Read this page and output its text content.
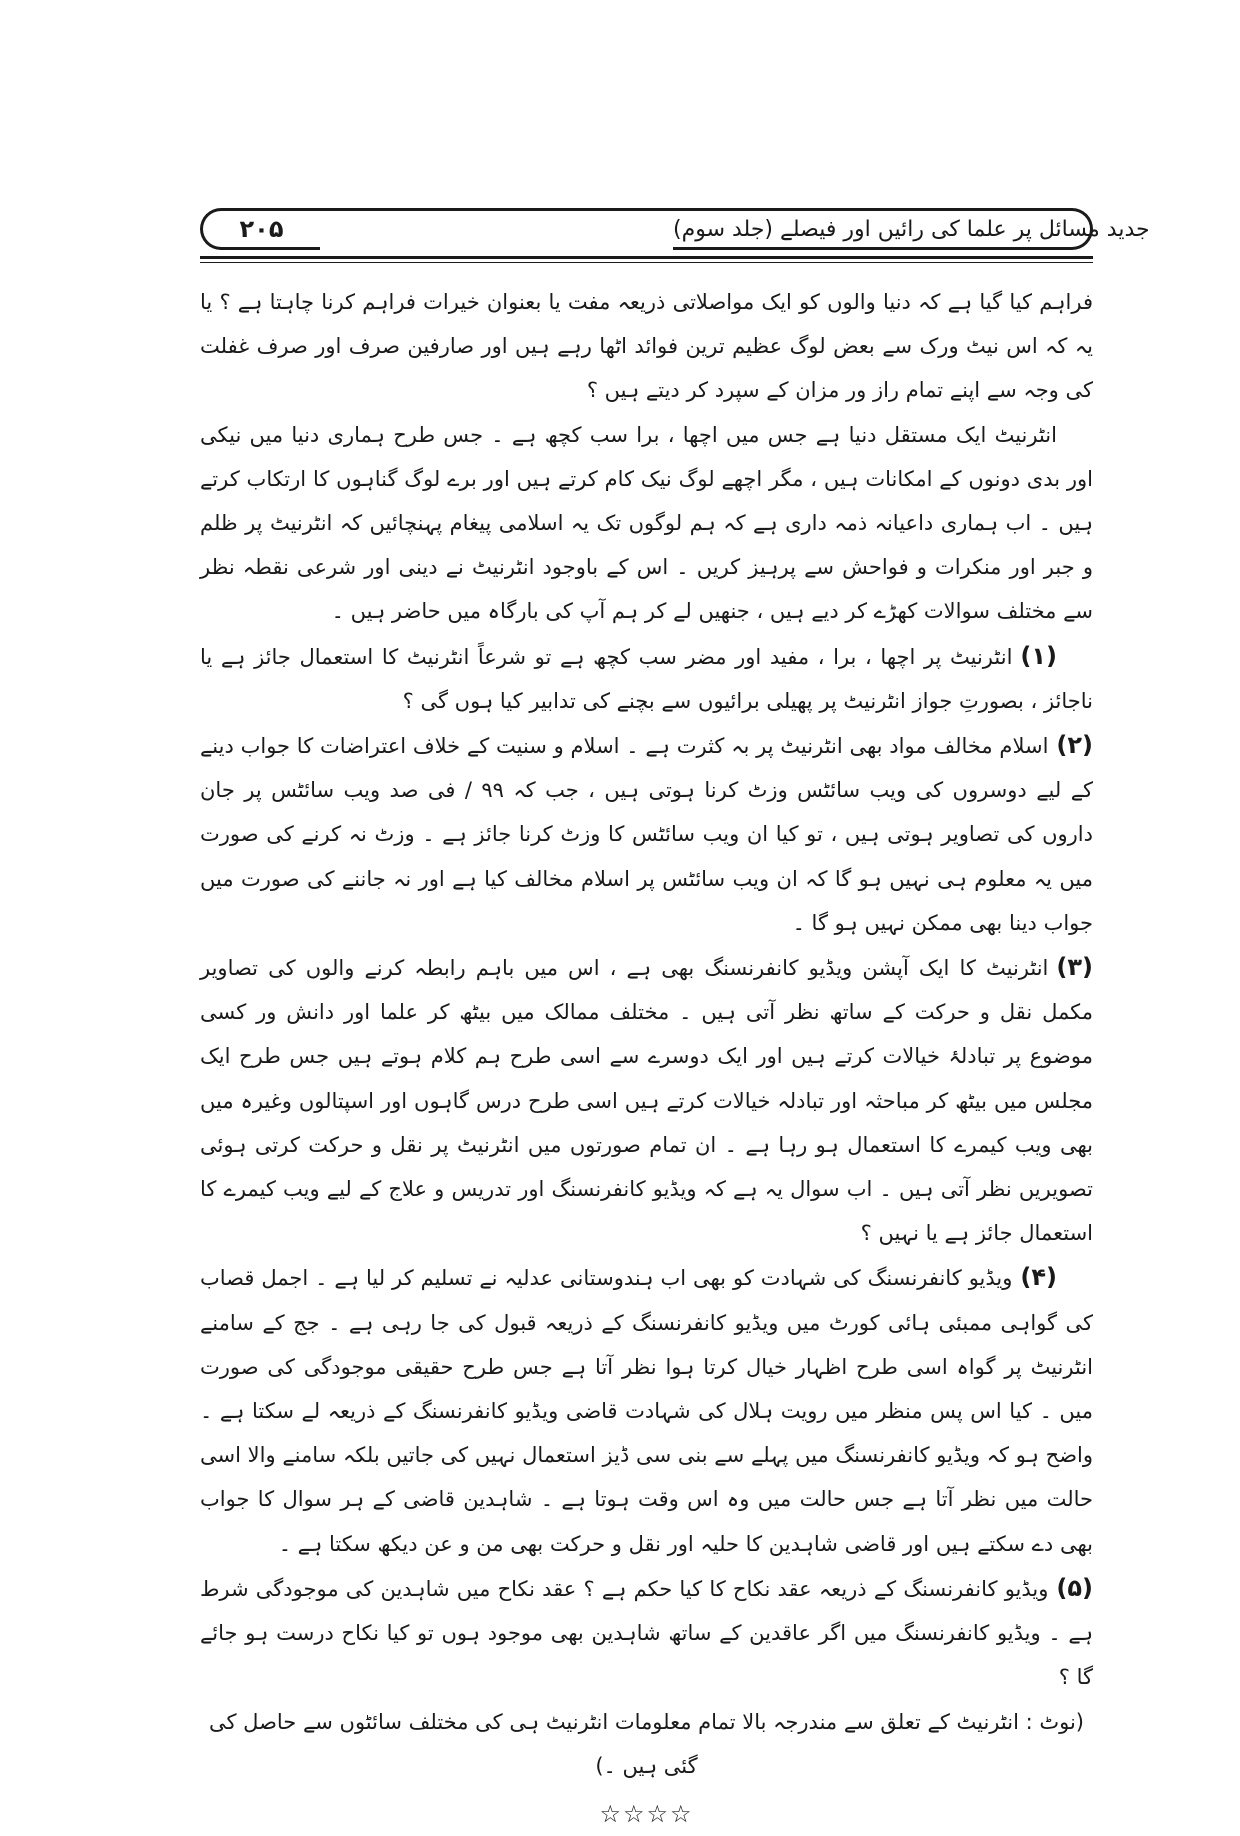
۲۰۵	جدید مسائل پر علما کی رائیں اور فیصلے (جلد سوم)

فراہم کیا گیا ہے کہ دنیا والوں کو ایک مواصلاتی ذریعہ مفت یا بعنوان خیرات فراہم کرنا چاہتا ہے ؟ یا یہ کہ اس نیٹ ورک سے بعض لوگ عظیم ترین فوائد اٹھا رہے ہیں اور صارفین صرف اور صرف غفلت کی وجہ سے اپنے تمام راز ور مزان کے سپرد کر دیتے ہیں ؟

انٹرنیٹ ایک مستقل دنیا ہے جس میں اچھا ، برا سب کچھ ہے ۔ جس طرح ہماری دنیا میں نیکی اور بدی دونوں کے امکانات ہیں ، مگر اچھے لوگ نیک کام کرتے ہیں اور برے لوگ گناہوں کا ارتکاب کرتے ہیں ۔ اب ہماری داعیانہ ذمہ داری ہے کہ ہم لوگوں تک یہ اسلامی پیغام پہنچائیں کہ انٹرنیٹ پر ظلم و جبر اور منکرات و فواحش سے پرہیز کریں ۔ اس کے باوجود انٹرنیٹ نے دینی اور شرعی نقطہ نظر سے مختلف سوالات کھڑے کر دیے ہیں ، جنھیں لے کر ہم آپ کی بارگاہ میں حاضر ہیں ۔

(۱)انٹرنیٹ پر اچھا ، برا ، مفید اور مضر سب کچھ ہے تو شرعاً انٹرنیٹ کا استعمال جائز ہے یا ناجائز ، بصورتِ جواز انٹرنیٹ پر پھیلی برائیوں سے بچنے کی تدابیر کیا ہوں گی ؟

(۲)اسلام مخالف مواد بھی انٹرنیٹ پر بہ کثرت ہے ۔ اسلام و سنیت کے خلاف اعتراضات کا جواب دینے کے لیے دوسروں کی ویب سائٹس وزٹ کرنا ہوتی ہیں ، جب کہ ۹۹ / فی صد ویب سائٹس پر جان داروں کی تصاویر ہوتی ہیں ، تو کیا ان ویب سائٹس کا وزٹ کرنا جائز ہے ۔ وزٹ نہ کرنے کی صورت میں یہ معلوم ہی نہیں ہو گا کہ ان ویب سائٹس پر اسلام مخالف کیا ہے اور نہ جاننے کی صورت میں جواب دینا بھی ممکن نہیں ہو گا ۔

(۳)انٹرنیٹ کا ایک آپشن ویڈیو کانفرنسنگ بھی ہے ، اس میں باہم رابطہ کرنے والوں کی تصاویر مکمل نقل و حرکت کے ساتھ نظر آتی ہیں ۔ مختلف ممالک میں بیٹھ کر علما اور دانش ور کسی موضوع پر تبادلۂ خیالات کرتے ہیں اور ایک دوسرے سے اسی طرح ہم کلام ہوتے ہیں جس طرح ایک مجلس میں بیٹھ کر مباحثہ اور تبادلہ خیالات کرتے ہیں اسی طرح درس گاہوں اور اسپتالوں وغیرہ میں بھی ویب کیمرے کا استعمال ہو رہا ہے ۔ ان تمام صورتوں میں انٹرنیٹ پر نقل و حرکت کرتی ہوئی تصویریں نظر آتی ہیں ۔ اب سوال یہ ہے کہ ویڈیو کانفرنسنگ اور تدریس و علاج کے لیے ویب کیمرے کا استعمال جائز ہے یا نہیں ؟

(۴)ویڈیو کانفرنسنگ کی شہادت کو بھی اب ہندوستانی عدلیہ نے تسلیم کر لیا ہے ۔ اجمل قصاب کی گواہی ممبئی ہائی کورٹ میں ویڈیو کانفرنسنگ کے ذریعہ قبول کی جا رہی ہے ۔ جج کے سامنے انٹرنیٹ پر گواہ اسی طرح اظہار خیال کرتا ہوا نظر آتا ہے جس طرح حقیقی موجودگی کی صورت میں ۔ کیا اس پس منظر میں رویت ہلال کی شہادت قاضی ویڈیو کانفرنسنگ کے ذریعہ لے سکتا ہے ۔ واضح ہو کہ ویڈیو کانفرنسنگ میں پہلے سے بنی سی ڈیز استعمال نہیں کی جاتیں بلکہ سامنے والا اسی حالت میں نظر آتا ہے جس حالت میں وہ اس وقت ہوتا ہے ۔ شاہدین قاضی کے ہر سوال کا جواب بھی دے سکتے ہیں اور قاضی شاہدین کا حلیہ اور نقل و حرکت بھی من و عن دیکھ سکتا ہے ۔

(۵)ویڈیو کانفرنسنگ کے ذریعہ عقد نکاح کا کیا حکم ہے ؟ عقد نکاح میں شاہدین کی موجودگی شرط ہے ۔ ویڈیو کانفرنسنگ میں اگر عاقدین کے ساتھ شاہدین بھی موجود ہوں تو کیا نکاح درست ہو جائے گا ؟

(نوٹ : انٹرنیٹ کے تعلق سے مندرجہ بالا تمام معلومات انٹرنیٹ ہی کی مختلف سائٹوں سے حاصل کی گئی ہیں ۔)

☆☆☆☆
